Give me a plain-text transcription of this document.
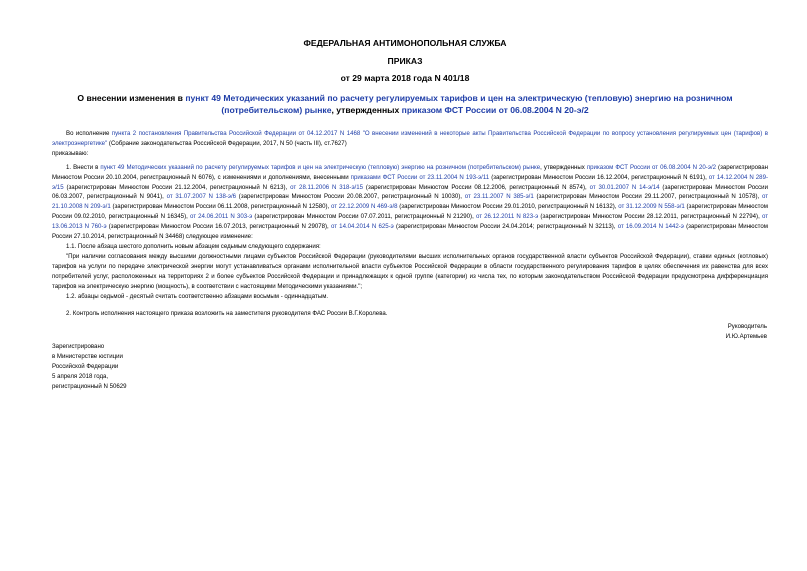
ФЕДЕРАЛЬНАЯ АНТИМОНОПОЛЬНАЯ СЛУЖБА
ПРИКАЗ
от 29 марта 2018 года N 401/18
О внесении изменения в пункт 49 Методических указаний по расчету регулируемых тарифов и цен на электрическую (тепловую) энергию на розничном (потребительском) рынке, утвержденных приказом ФСТ России от 06.08.2004 N 20-э/2

Во исполнение пункта 2 постановления Правительства Российской Федерации от 04.12.2017 N 1468 "О внесении изменений в некоторые акты Правительства Российской Федерации по вопросу установления регулируемых цен (тарифов) в электроэнергетике" (Собрание законодательства Российской Федерации, 2017, N 50 (часть III), ст.7627)

приказываю:

1. Внести в пункт 49 Методических указаний по расчету регулируемых тарифов и цен на электрическую (тепловую) энергию на розничном (потребительском) рынке, утвержденных приказом ФСТ России от 06.08.2004 N 20-э/2 (зарегистрирован Минюстом России 20.10.2004, регистрационный N 6076), с изменениями и дополнениями, внесенными приказами ФСТ России от 23.11.2004 N 193-э/11 (зарегистрирован Минюстом России 16.12.2004, регистрационный N 6191), от 14.12.2004 N 289-э/15 (зарегистрирован Минюстом России 21.12.2004, регистрационный N 6213), от 28.11.2006 N 318-э/15 (зарегистрирован Минюстом России 08.12.2006, регистрационный N 8574), от 30.01.2007 N 14-э/14 (зарегистрирован Минюстом России 06.03.2007, регистрационный N 9041), от 31.07.2007 N 138-э/6 (зарегистрирован Минюстом России 20.08.2007, регистрационный N 10030), от 23.11.2007 N 385-э/1 (зарегистрирован Минюстом России 29.11.2007, регистрационный N 10578), от 21.10.2008 N 209-э/1 (зарегистрирован Минюстом России 06.11.2008, регистрационный N 12580), от 22.12.2009 N 469-э/8 (зарегистрирован Минюстом России 29.01.2010, регистрационный N 16132), от 31.12.2009 N 558-э/1 (зарегистрирован Минюстом России 09.02.2010, регистрационный N 16345), от 24.06.2011 N 303-э (зарегистрирован Минюстом России 07.07.2011, регистрационный N 21290), от 26.12.2011 N 823-э (зарегистрирован Минюстом России 28.12.2011, регистрационный N 22794), от 13.06.2013 N 760-э (зарегистрирован Минюстом России 16.07.2013, регистрационный N 29078), от 14.04.2014 N 625-э (зарегистрирован Минюстом России 24.04.2014; регистрационный N 32113), от 16.09.2014 N 1442-э (зарегистрирован Минюстом России 27.10.2014, регистрационный N 34468) следующее изменение:

1.1. После абзаца шестого дополнить новым абзацем седьмым следующего содержания:

"При наличии согласования между высшими должностными лицами субъектов Российской Федерации (руководителями высших исполнительных органов государственной власти субъектов Российской Федерации), ставки единых (котловых) тарифов на услуги по передаче электрической энергии могут устанавливаться органами исполнительной власти субъектов Российской Федерации в области государственного регулирования тарифов в целях обеспечения их равенства для всех потребителей услуг, расположенных на территориях 2 и более субъектов Российской Федерации и принадлежащих к одной группе (категории) из числа тех, по которым законодательством Российской Федерации предусмотрена дифференциация тарифов на электрическую энергию (мощность), в соответствии с настоящими Методическими указаниями.";

1.2. абзацы седьмой - десятый считать соответственно абзацами восьмым - одиннадцатым.

2. Контроль исполнения настоящего приказа возложить на заместителя руководителя ФАС России В.Г.Королева.

Руководитель
И.Ю.Артемьев
Зарегистрировано
в Министерстве юстиции
Российской Федерации
5 апреля 2018 года,
регистрационный N 50629
